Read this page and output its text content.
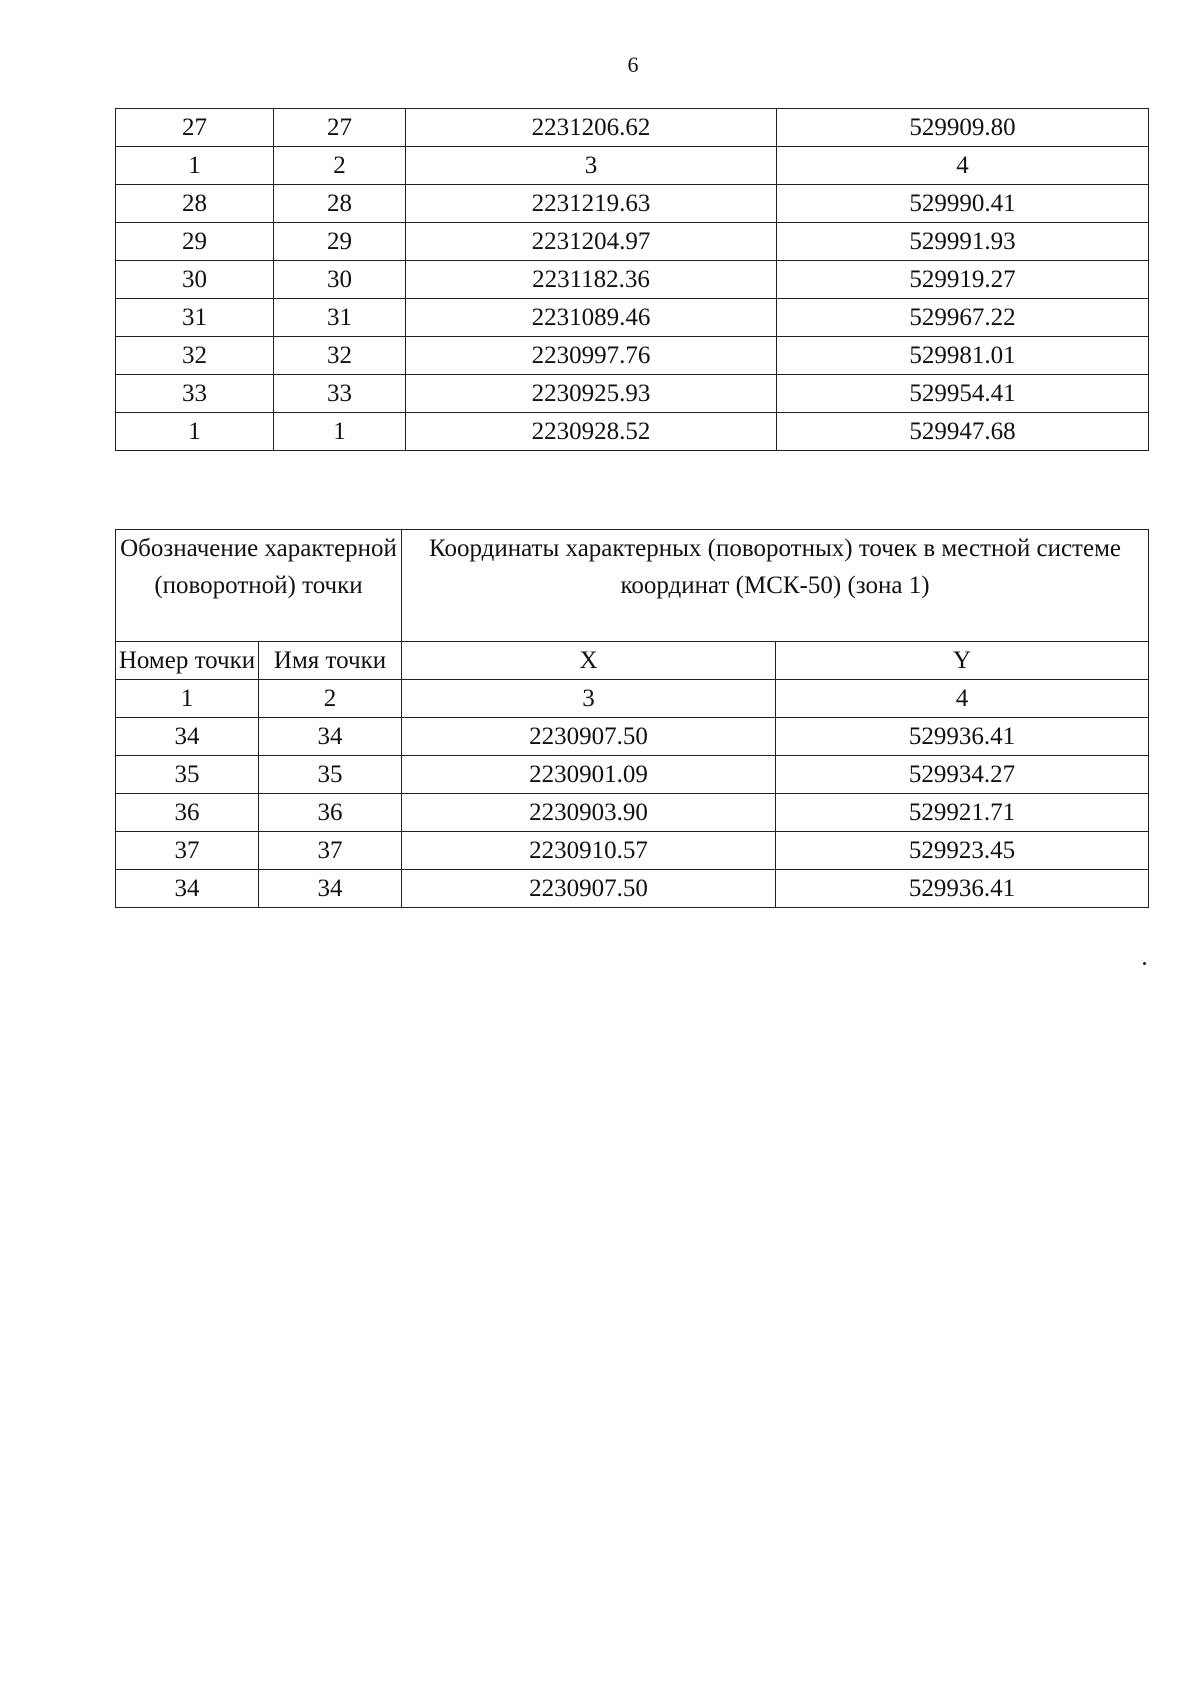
6
27	27	2231206.62	529909.80
1	2	3	4
28	28	2231219.63	529990.41
29	29	2231204.97	529991.93
30	30	2231182.36	529919.27
31	31	2231089.46	529967.22
32	32	2230997.76	529981.01
33	33	2230925.93	529954.41
1	1	2230928.52	529947.68
Обозначение характерной (поворотной) точки		Координаты характерных (поворотных) точек в местной системе координат (МСК-50) (зона 1)	
Номер точки	Имя точки	X	Y
1	2	3	4
34	34	2230907.50	529936.41
35	35	2230901.09	529934.27
36	36	2230903.90	529921.71
37	37	2230910.57	529923.45
34	34	2230907.50	529936.41
